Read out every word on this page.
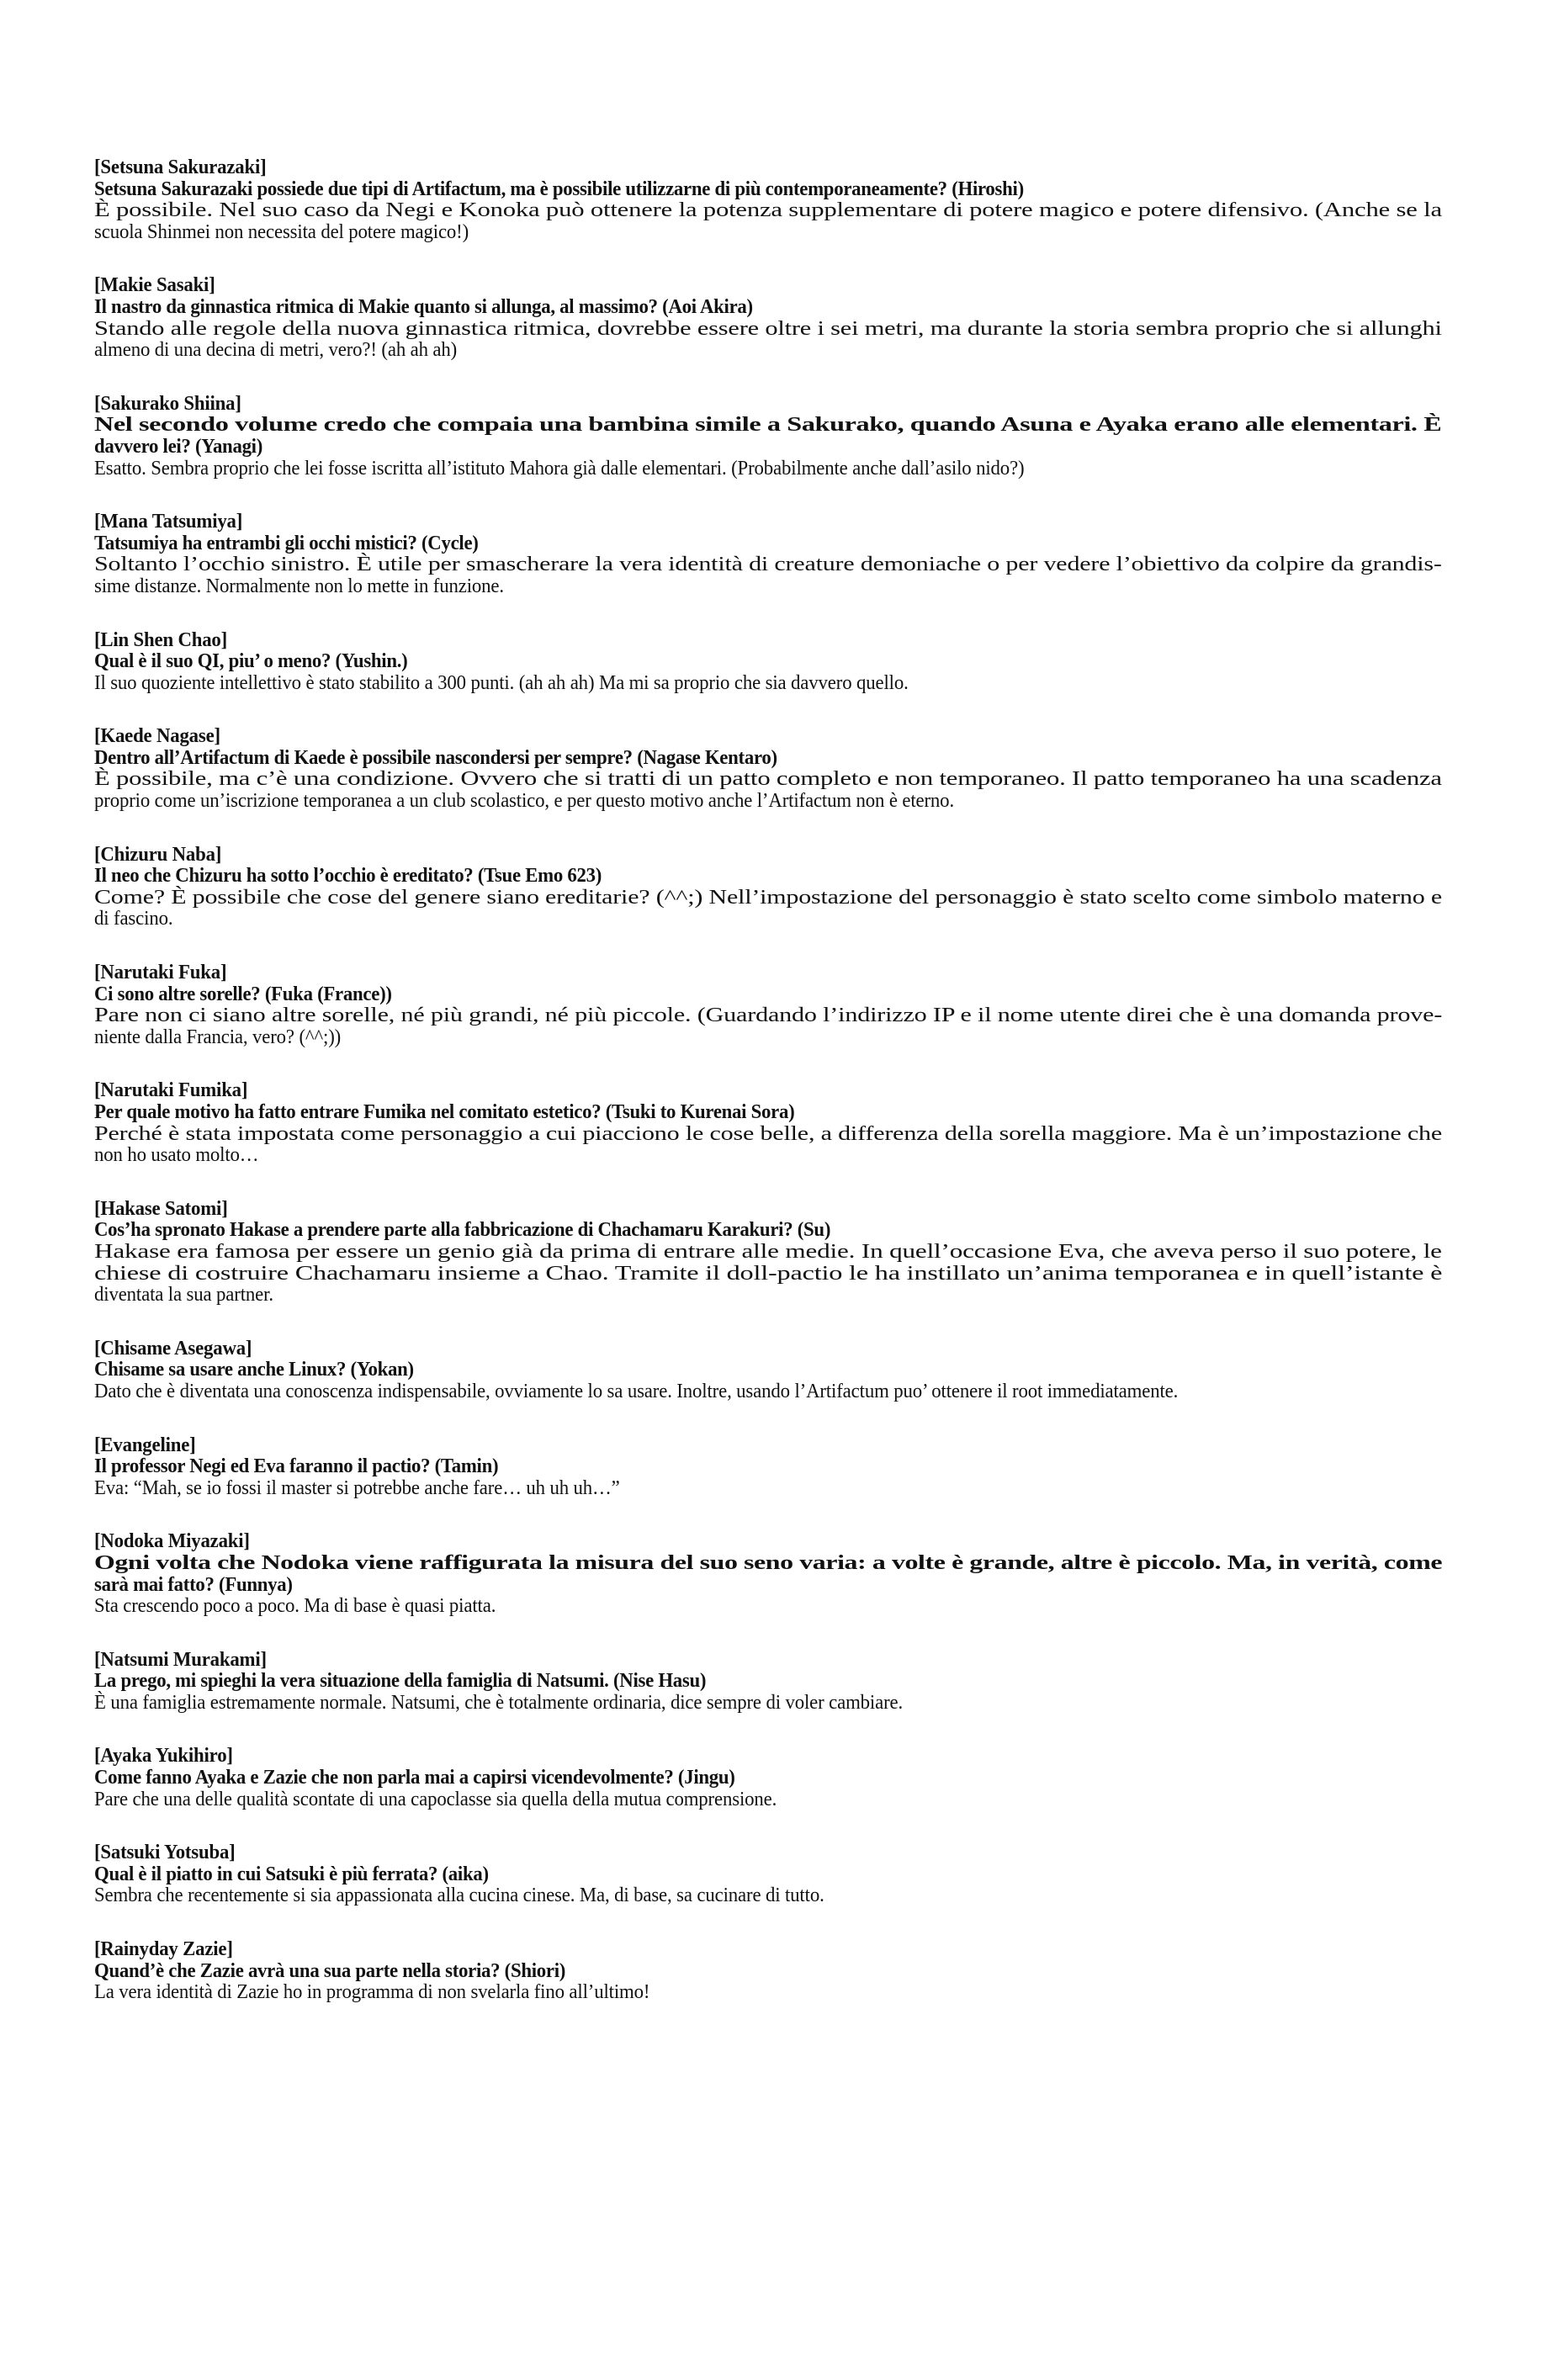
[Setsuna Sakurazaki]
Setsuna Sakurazaki possiede due tipi di Artifactum, ma è possibile utilizzarne di più contemporaneamente? (Hiroshi)
È possibile. Nel suo caso da Negi e Konoka può ottenere la potenza supplementare di potere magico e potere difensivo. (Anche se la
scuola Shinmei non necessita del potere magico!)
[Makie Sasaki]
Il nastro da ginnastica ritmica di Makie quanto si allunga, al massimo? (Aoi Akira)
Stando alle regole della nuova ginnastica ritmica, dovrebbe essere oltre i sei metri, ma durante la storia sembra proprio che si allunghi
almeno di una decina di metri, vero?! (ah ah ah)
[Sakurako Shiina]
Nel secondo volume credo che compaia una bambina simile a Sakurako, quando Asuna e Ayaka erano alle elementari. È
davvero lei? (Yanagi)
Esatto. Sembra proprio che lei fosse iscritta all’istituto Mahora già dalle elementari. (Probabilmente anche dall’asilo nido?)
[Mana Tatsumiya]
Tatsumiya ha entrambi gli occhi mistici? (Cycle)
Soltanto l’occhio sinistro. È utile per smascherare la vera identità di creature demoniache o per vedere l’obiettivo da colpire da grandis-
sime distanze. Normalmente non lo mette in funzione.
[Lin Shen Chao]
Qual è il suo QI, piu’ o meno? (Yushin.)
Il suo quoziente intellettivo è stato stabilito a 300 punti. (ah ah ah) Ma mi sa proprio che sia davvero quello.
[Kaede Nagase]
Dentro all’Artifactum di Kaede è possibile nascondersi per sempre? (Nagase Kentaro)
È possibile, ma c’è una condizione. Ovvero che si tratti di un patto completo e non temporaneo. Il patto temporaneo ha una scadenza
proprio come un’iscrizione temporanea a un club scolastico, e per questo motivo anche l’Artifactum non è eterno.
[Chizuru Naba]
Il neo che Chizuru ha sotto l’occhio è ereditato? (Tsue Emo 623)
Come? È possibile che cose del genere siano ereditarie? (^^;) Nell’impostazione del personaggio è stato scelto come simbolo materno e
di fascino.
[Narutaki Fuka]
Ci sono altre sorelle? (Fuka (France))
Pare non ci siano altre sorelle, né più grandi, né più piccole. (Guardando l’indirizzo IP e il nome utente direi che è una domanda prove-
niente dalla Francia, vero? (^^;))
[Narutaki Fumika]
Per quale motivo ha fatto entrare Fumika nel comitato estetico? (Tsuki to Kurenai Sora)
Perché è stata impostata come personaggio a cui piacciono le cose belle, a differenza della sorella maggiore. Ma è un’impostazione che
non ho usato molto…
[Hakase Satomi]
Cos’ha spronato Hakase a prendere parte alla fabbricazione di Chachamaru Karakuri? (Su)
Hakase era famosa per essere un genio già da prima di entrare alle medie. In quell’occasione Eva, che aveva perso il suo potere, le
chiese di costruire Chachamaru insieme a Chao. Tramite il doll-pactio le ha instillato un’anima temporanea e in quell’istante è
diventata la sua partner.
[Chisame Asegawa]
Chisame sa usare anche Linux? (Yokan)
Dato che è diventata una conoscenza indispensabile, ovviamente lo sa usare. Inoltre, usando l’Artifactum puo’ ottenere il root immediatamente.
[Evangeline]
Il professor Negi ed Eva faranno il pactio? (Tamin)
Eva: “Mah, se io fossi il master si potrebbe anche fare… uh uh uh…”
[Nodoka Miyazaki]
Ogni volta che Nodoka viene raffigurata la misura del suo seno varia: a volte è grande, altre è piccolo. Ma, in verità, come
sarà mai fatto? (Funnya)
Sta crescendo poco a poco. Ma di base è quasi piatta.
[Natsumi Murakami]
La prego, mi spieghi la vera situazione della famiglia di Natsumi. (Nise Hasu)
È una famiglia estremamente normale. Natsumi, che è totalmente ordinaria, dice sempre di voler cambiare.
[Ayaka Yukihiro]
Come fanno Ayaka e Zazie che non parla mai a capirsi vicendevolmente? (Jingu)
Pare che una delle qualità scontate di una capoclasse sia quella della mutua comprensione.
[Satsuki Yotsuba]
Qual è il piatto in cui Satsuki è più ferrata? (aika)
Sembra che recentemente si sia appassionata alla cucina cinese. Ma, di base, sa cucinare di tutto.
[Rainyday Zazie]
Quand’è che Zazie avrà una sua parte nella storia? (Shiori)
La vera identità di Zazie ho in programma di non svelarla fino all’ultimo!
